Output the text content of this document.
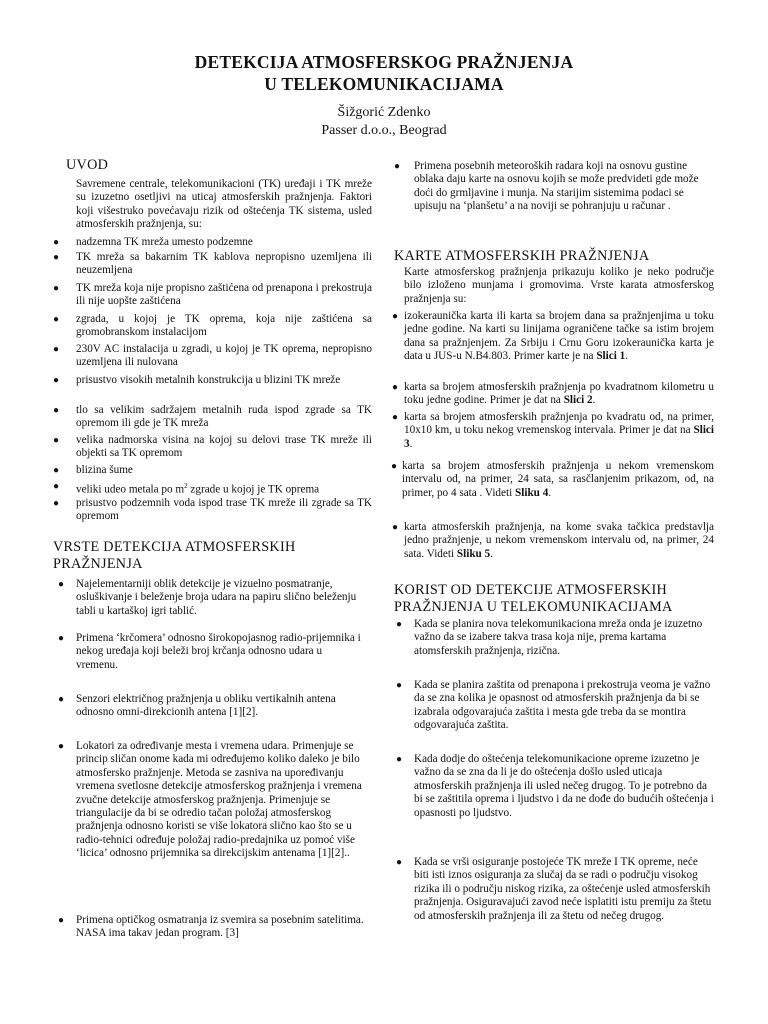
DETEKCIJA ATMOSFERSKOG PRAŽNJENJA
U TELEKOMUNIKACIJAMA
Šižgorić Zdenko
Passer d.o.o., Beograd
UVOD
Savremene centrale, telekomunikacioni (TK) uređaji i TK mreže su izuzetno osetljivi na uticaj atmosferskih pražnjenja. Faktori koji višestruko povećavaju rizik od oštećenja TK sistema, usled atmosferskih pražnjenja, su:
● nadzemna TK mreža umesto podzemne
● TK mreža sa bakarnim TK kablova nepropisno uzemljena ili neuzemljena
● TK mreža koja nije propisno zaštićena od prenapona i prekostruja ili nije uopšte zaštićena
● zgrada, u kojoj je TK oprema, koja nije zaštićena sa gromobranskom instalacijom
● 230V AC instalacija u zgradi, u kojoj je TK oprema, nepropisno uzemljena ili nulovana
● prisustvo visokih metalnih konstrukcija u blizini TK mreže
● tlo sa velikim sadržajem metalnih ruda ispod zgrade sa TK opremom ili gde je TK mreža
● velika nadmorska visina na kojoj su delovi trase TK mreže ili objekti sa TK opremom
● blizina šume
● veliki udeo metala po $m^2$ zgrade u kojoj je TK oprema
● prisustvo podzemnih voda ispod trase TK mreže ili zgrade sa TK opremom
VRSTE DETEKCIJA ATMOSFERSKIH
PRAŽNJENJA
● Najelementarniji oblik detekcije je vizuelno posmatranje, osluškivanje i beleženje broja udara na papiru slično beleženju tabli u kartaškoj igri tablić.
● Primena ‘krčomera’ odnosno širokopojasnog radio-prijemnika i nekog uređaja koji beleži broj krčanja odnosno udara u vremenu.
● Senzori električnog pražnjenja u obliku vertikalnih antena odnosno omni-direkcionih antena [1][2].
● Lokatori za određivanje mesta i vremena udara. Primenjuje se princip sličan onome kada mi određujemo koliko daleko je bilo atmosfersko pražnjenje. Metoda se zasniva na upoređivanju vremena svetlosne detekcije atmosferskog pražnjenja i vremena zvučne detekcije atmosferskog pražnjenja. Primenjuje se triangulacije da bi se odredio tačan položaj atmosferskog pražnjenja odnosno koristi se više lokatora slično kao što se u radio-tehnici određuje položaj radio-predajnika uz pomoć više ‘licica’ odnosno prijemnika sa direkcijskim antenama [1][2]..
● Primena optičkog osmatranja iz svemira sa posebnim satelitima. NASA ima takav jedan program. [3]
● Primena posebnih meteoroških radara koji na osnovu gustine oblaka daju karte na osnovu kojih se može predvideti gde može doći do grmljavine i munja. Na starijim sistemima podaci se upisuju na ‘planšetu’ a na noviji se pohranjuju u računar .
KARTE ATMOSFERSKIH PRAŽNJENJA
Karte atmosferskog pražnjenja prikazuju koliko je neko područje bilo izloženo munjama i gromovima. Vrste karata atmosferskog pražnjenja su:
● izokeraunička karta ili karta sa brojem dana sa pražnjenjima u toku jedne godine. Na karti su linijama ograničene tačke sa istim brojem dana sa pražnjenjem. Za Srbiju i Crnu Goru izokeraunička karta je data u JUS-u N.B4.803. Primer karte je na Slici 1.
● karta sa brojem atmosferskih pražnjenja po kvadratnom kilometru u toku jedne godine. Primer je dat na Slici 2.
● karta sa brojem atmosferskih pražnjenja po kvadratu od, na primer, 10x10 km, u toku nekog vremenskog intervala. Primer je dat na Slici 3.
● karta sa brojem atmosferskih pražnjenja u nekom vremenskom intervalu od, na primer, 24 sata, sa rasčlanjenim prikazom, od, na primer, po 4 sata . Videti Sliku 4.
● karta atmosferskih pražnjenja, na kome svaka tačkica predstavlja jedno pražnjenje, u nekom vremenskom intervalu od, na primer, 24 sata. Videti Sliku 5.
KORIST OD DETEKCIJE ATMOSFERSKIH
PRAŽNJENJA U TELEKOMUNIKACIJAMA
● Kada se planira nova telekomunikaciona mreža onda je izuzetno važno da se izabere takva trasa koja nije, prema kartama atomsferskih pražnjenja, rizična.
● Kada se planira zaštita od prenapona i prekostruja veoma je važno da se zna kolika je opasnost od atmosferskih pražnjenja da bi se izabrala odgovarajuća zaštita i mesta gde treba da se montira odgovarajuća zaštita.
● Kada dodje do oštećenja telekomunikacione opreme izuzetno je važno da se zna da li je do oštećenja došlo usled uticaja atmosferskih pražnjenja ili usled nečeg drugog. To je potrebno da bi se zaštitila oprema i ljudstvo i da ne dođe do budućih oštećenja i opasnosti po ljudstvo.
● Kada se vrši osiguranje postojeće TK mreže I TK opreme, neće biti isti iznos osiguranja za slučaj da se radi o području visokog rizika ili o području niskog rizika, za oštećenje usled atmosferskih pražnjenja. Osiguravajući zavod neće isplatiti istu premiju za štetu od atmosferskih pražnjenja ili za štetu od nečeg drugog.
